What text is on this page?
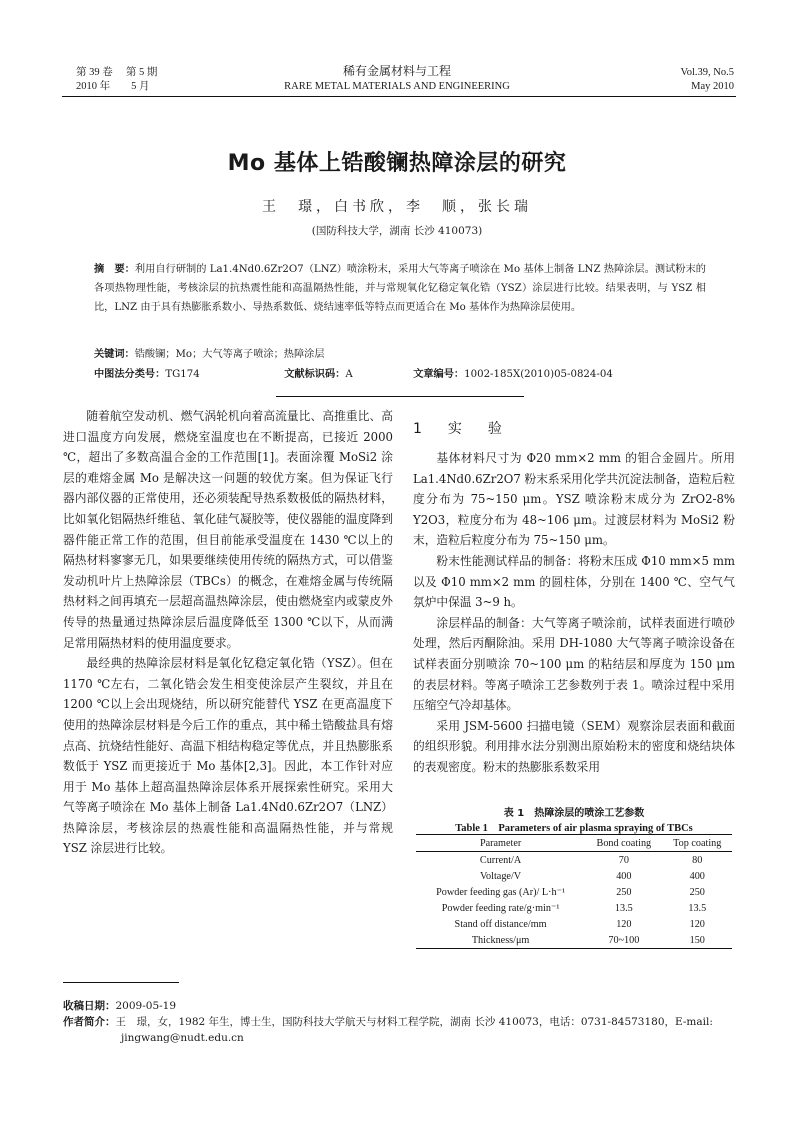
第 39 卷　 第 5 期
2010 年　　5 月
稀有金属材料与工程
RARE METAL MATERIALS AND ENGINEERING
Vol.39, No.5
May 2010
Mo 基体上锆酸镧热障涂层的研究
王　璟，白书欣，李　顺，张长瑞
(国防科技大学，湖南 长沙 410073)
摘　要：利用自行研制的 La1.4Nd0.6Zr2O7（LNZ）喷涂粉末，采用大气等离子喷涂在 Mo 基体上制备 LNZ 热障涂层。测试粉末的各项热物理性能，考核涂层的抗热震性能和高温隔热性能，并与常规氧化钇稳定氧化锆（YSZ）涂层进行比较。结果表明，与 YSZ 相比，LNZ 由于具有热膨胀系数小、导热系数低、烧结速率低等特点而更适合在 Mo 基体作为热障涂层使用。
关键词：锆酸镧；Mo；大气等离子喷涂；热障涂层
中图法分类号：TG174	文献标识码：A	文章编号：1002-185X(2010)05-0824-04

随着航空发动机、燃气涡轮机向着高流量比、高推重比、高进口温度方向发展，燃烧室温度也在不断提高，已接近 2000 ℃，超出了多数高温合金的工作范围[1]。表面涂覆 MoSi2 涂层的难熔金属 Mo 是解决这一问题的较优方案。但为保证飞行器内部仪器的正常使用，还必须装配导热系数极低的隔热材料，比如氧化铝隔热纤维毡、氧化硅气凝胶等，使仪器能的温度降到器件能正常工作的范围，但目前能承受温度在 1430 ℃以上的隔热材料寥寥无几，如果要继续使用传统的隔热方式，可以借鉴发动机叶片上热障涂层（TBCs）的概念，在难熔金属与传统隔热材料之间再填充一层超高温热障涂层，使由燃烧室内或蒙皮外传导的热量通过热障涂层后温度降低至 1300 ℃以下，从而满足常用隔热材料的使用温度要求。

最经典的热障涂层材料是氧化钇稳定氧化锆（YSZ）。但在 1170 ℃左右，二氧化锆会发生相变使涂层产生裂纹，并且在 1200 ℃以上会出现烧结，所以研究能替代 YSZ 在更高温度下使用的热障涂层材料是今后工作的重点，其中稀土锆酸盐具有熔点高、抗烧结性能好、高温下相结构稳定等优点，并且热膨胀系数低于 YSZ 而更接近于 Mo 基体[2,3]。因此，本工作针对应用于 Mo 基体上超高温热障涂层体系开展探索性研究。采用大气等离子喷涂在 Mo 基体上制备 La1.4Nd0.6Zr2O7（LNZ）热障涂层，考核涂层的热震性能和高温隔热性能，并与常规 YSZ 涂层进行比较。

1　实　验

基体材料尺寸为 Φ20 mm×2 mm 的钼合金圆片。所用 La1.4Nd0.6Zr2O7 粉末系采用化学共沉淀法制备，造粒后粒度分布为 75~150 μm。YSZ 喷涂粉末成分为 ZrO2-8% Y2O3，粒度分布为 48~106 μm。过渡层材料为 MoSi2 粉末，造粒后粒度分布为 75~150 μm。

粉末性能测试样品的制备：将粉末压成 Φ10 mm×5 mm 以及 Φ10 mm×2 mm 的圆柱体，分别在 1400 ℃、空气气氛炉中保温 3~9 h。

涂层样品的制备：大气等离子喷涂前，试样表面进行喷砂处理，然后丙酮除油。采用 DH-1080 大气等离子喷涂设备在试样表面分别喷涂 70~100 μm 的粘结层和厚度为 150 μm 的表层材料。等离子喷涂工艺参数列于表 1。喷涂过程中采用压缩空气冷却基体。

采用 JSM-5600 扫描电镜（SEM）观察涂层表面和截面的组织形貌。利用排水法分别测出原始粉末的密度和烧结块体的表观密度。粉末的热膨胀系数采用

表 1　热障涂层的喷涂工艺参数
Table 1　Parameters of air plasma spraying of TBCs
Parameter	Bond coating	Top coating
Current/A	70	80
Voltage/V	400	400
Powder feeding gas (Ar)/ L·h⁻¹	250	250
Powder feeding rate/g·min⁻¹	13.5	13.5
Stand off distance/mm	120	120
Thickness/μm	70~100	150
收稿日期：2009-05-19
作者简介：王　璟，女，1982 年生，博士生，国防科技大学航天与材料工程学院，湖南 长沙 410073，电话：0731-84573180，E-mail:
jingwang@nudt.edu.cn
